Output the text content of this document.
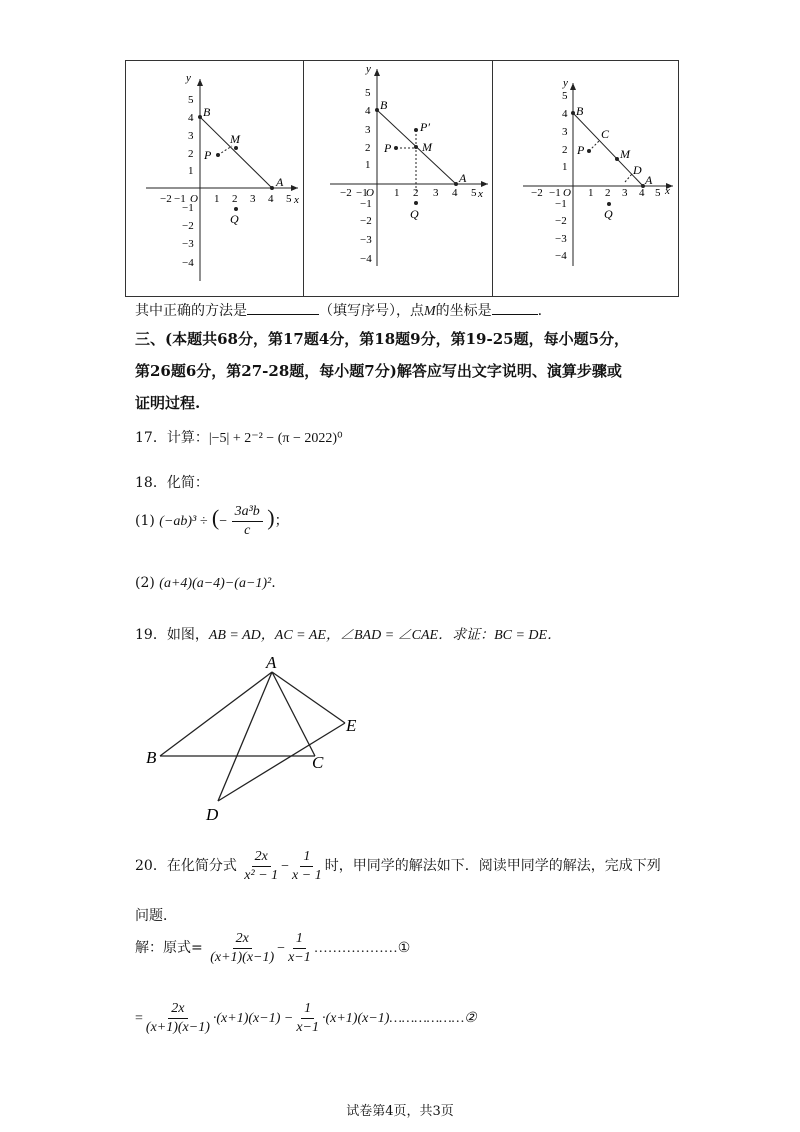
y
x
−2 −1 O 1 2 3 4 5
1
2
3
4
5
−1
−2
−3
−4
B
M
P
A
Q
y
x
−2 −1
O 1 2 3 4 5
1
2
3
4
5
−1
−2
−3
−4
B
P′
M
P
A
Q
y
x
−2 −1 O 1 2 3 4 5
1
2
3
4
5
−1
−2
−3
−4
B
C
M
D
P
A
Q
其中正确的方法是	（填写序号），点M的坐标是	.
三、(本题共68分，第17题4分，第18题9分，第19-25题，每小题5分，
第26题6分，第27-28题，每小题7分)解答应写出文字说明、演算步骤或
证明过程.
17．计算：|−5| + 2⁻² − (π − 2022)⁰
18．化简：
(1) (−ab)³ ÷ (− $\frac{\text{3a³b}}{c}$ )；
(2) (a+4)(a−4)−(a−1)².
19．如图，AB = AD，AC = AE，∠BAD = ∠CAE．求证：BC = DE．
A
B	C
D
E
20．在化简分式 $\frac{2x}{\text{x² − 1}} - \frac{1}{x - 1}$ 时，甲同学的解法如下．阅读甲同学的解法，完成下列
问题．
解：原式= $\frac{2x}{(x+1)(x-1)} - \frac{1}{x-1}$ ………………①
= $\frac{2x}{(x+1)(x-1)} \cdot(x+1)(x-1) - \frac{1}{x-1}$ ·(x+1)(x−1)………………②
试卷第4页，共3页
